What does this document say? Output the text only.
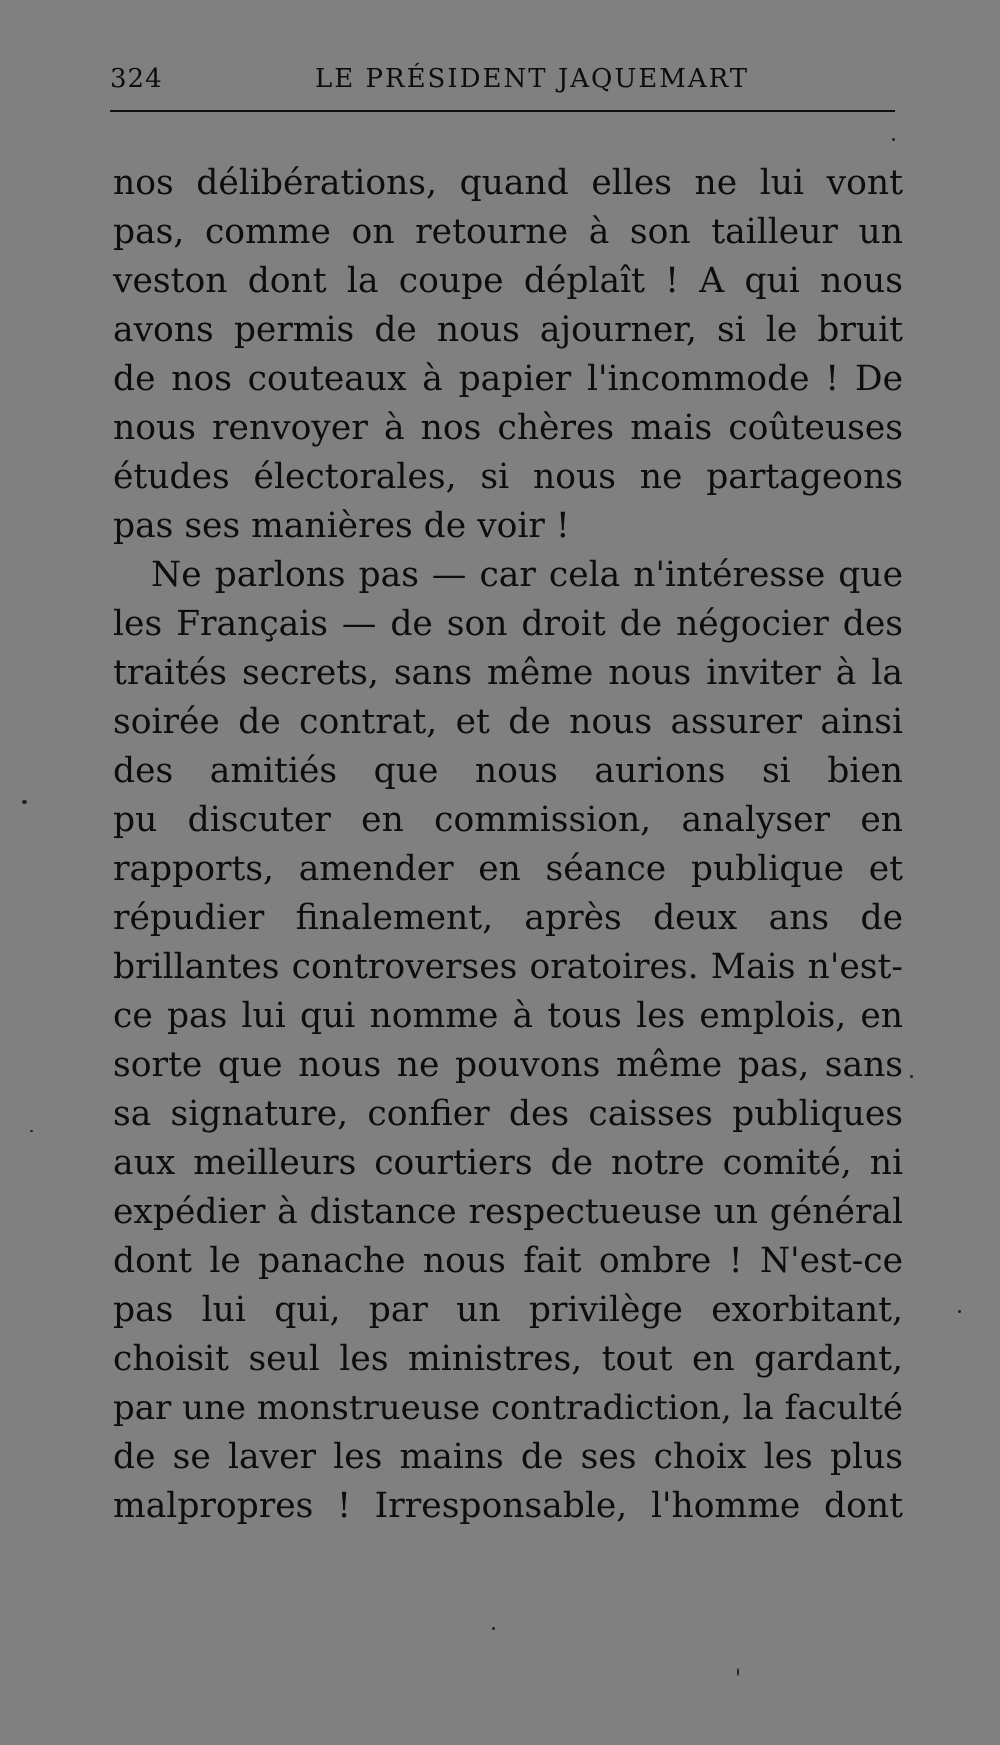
324	LE PRÉSIDENT JAQUEMART
nos délibérations, quand elles ne lui vont
pas, comme on retourne à son tailleur un
veston dont la coupe déplaît ! A qui nous
avons permis de nous ajourner, si le bruit
de nos couteaux à papier l'incommode ! De
nous renvoyer à nos chères mais coûteuses
études électorales, si nous ne partageons
pas ses manières de voir !
Ne parlons pas — car cela n'intéresse que
les Français — de son droit de négocier des
traités secrets, sans même nous inviter à la
soirée de contrat, et de nous assurer ainsi
des amitiés que nous aurions si bien
pu discuter en commission, analyser en
rapports, amender en séance publique et
répudier finalement, après deux ans de
brillantes controverses oratoires. Mais n'est-
ce pas lui qui nomme à tous les emplois, en
sorte que nous ne pouvons même pas, sans
sa signature, confier des caisses publiques
aux meilleurs courtiers de notre comité, ni
expédier à distance respectueuse un général
dont le panache nous fait ombre ! N'est-ce
pas lui qui, par un privilège exorbitant,
choisit seul les ministres, tout en gardant,
par une monstrueuse contradiction, la faculté
de se laver les mains de ses choix les plus
malpropres ! Irresponsable, l'homme dont
